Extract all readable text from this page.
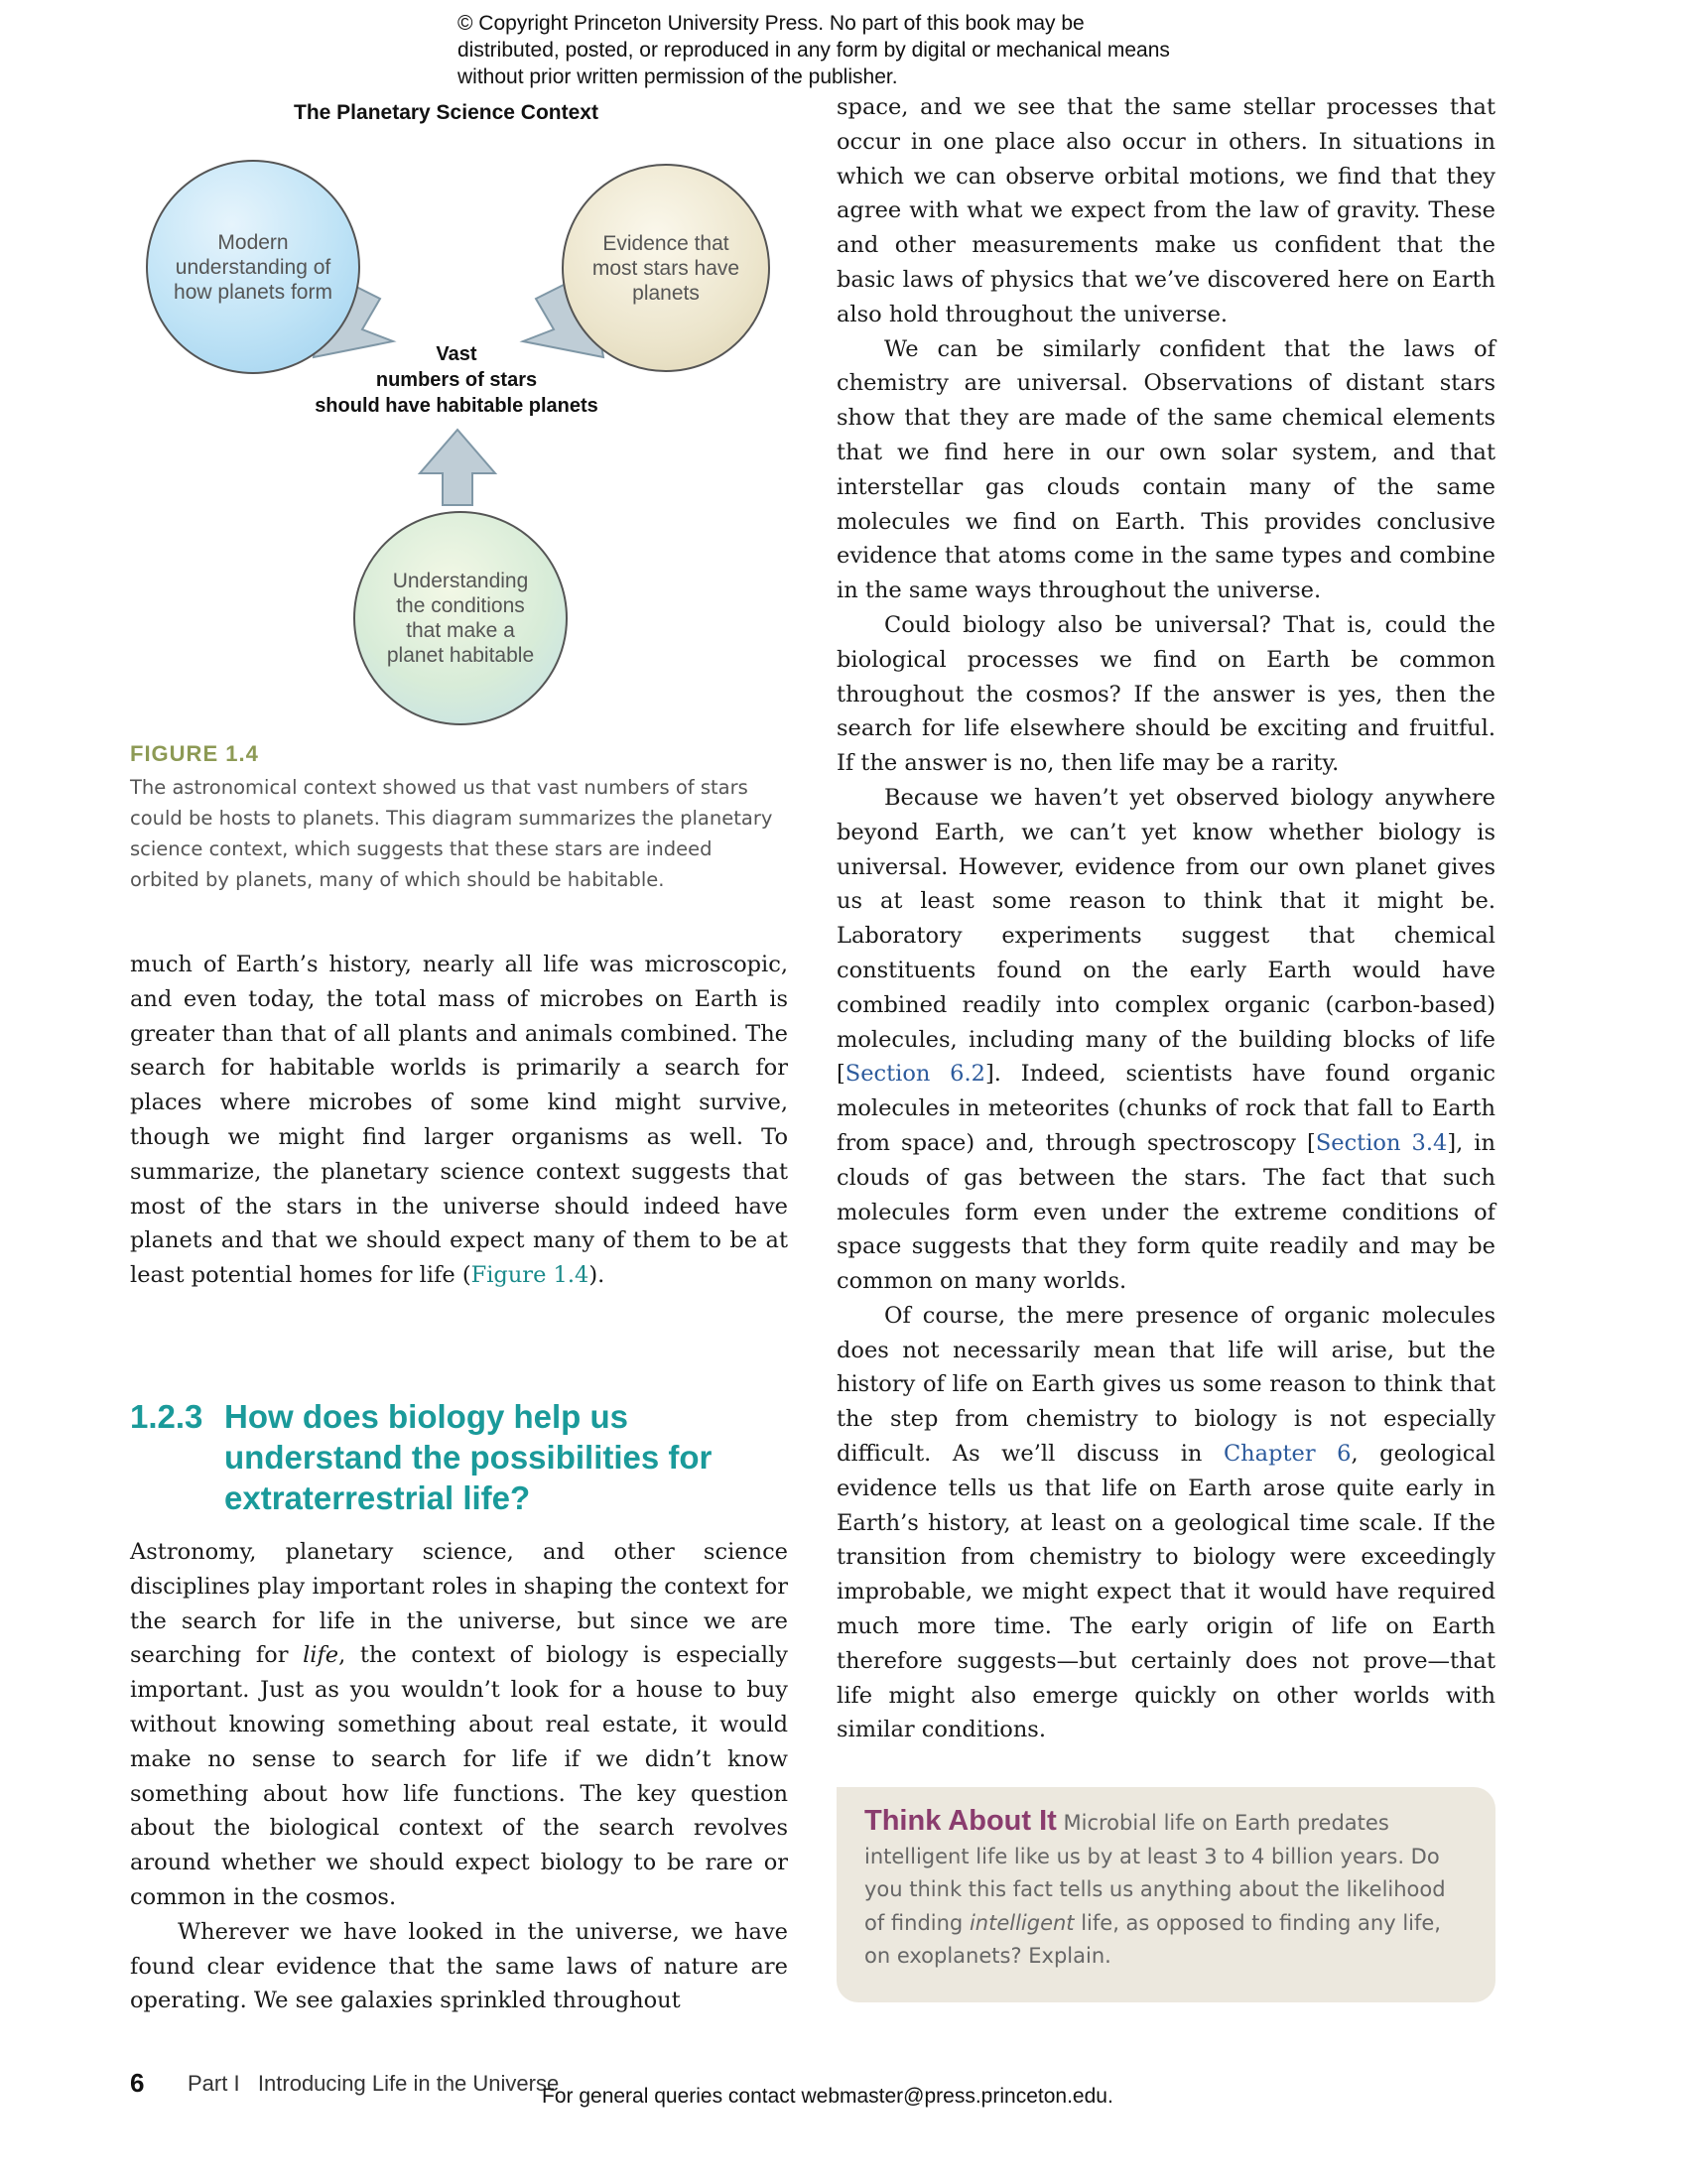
© Copyright Princeton University Press. No part of this book may be distributed, posted, or reproduced in any form by digital or mechanical means without prior written permission of the publisher.
The Planetary Science Context
Modern understanding of how planets form
Evidence that most stars have planets
Understanding the conditions that make a planet habitable
Vast
numbers of stars
should have habitable planets
FIGURE 1.4
The astronomical context showed us that vast numbers of stars could be hosts to planets. This diagram summarizes the planetary science context, which suggests that these stars are indeed orbited by planets, many of which should be habitable.

much of Earth’s history, nearly all life was microscopic, and even today, the total mass of microbes on Earth is greater than that of all plants and animals combined. The search for habitable worlds is primarily a search for places where microbes of some kind might survive, though we might find larger organisms as well. To summarize, the planetary science context suggests that most of the stars in the universe should indeed have planets and that we should expect many of them to be at least potential homes for life (Figure 1.4).

1.2.3 How does biology help us understand the possibilities for extraterrestrial life?

Astronomy, planetary science, and other science disciplines play important roles in shaping the context for the search for life in the universe, but since we are searching for life, the context of biology is especially important. Just as you wouldn’t look for a house to buy without knowing something about real estate, it would make no sense to search for life if we didn’t know something about how life functions. The key question about the biological context of the search revolves around whether we should expect biology to be rare or common in the cosmos.

Wherever we have looked in the universe, we have found clear evidence that the same laws of nature are operating. We see galaxies sprinkled throughout

space, and we see that the same stellar processes that occur in one place also occur in others. In situations in which we can observe orbital motions, we find that they agree with what we expect from the law of gravity. These and other measurements make us confident that the basic laws of physics that we’ve discovered here on Earth also hold throughout the universe.

We can be similarly confident that the laws of chemistry are universal. Observations of distant stars show that they are made of the same chemical elements that we find here in our own solar system, and that interstellar gas clouds contain many of the same molecules we find on Earth. This provides conclusive evidence that atoms come in the same types and combine in the same ways throughout the universe.

Could biology also be universal? That is, could the biological processes we find on Earth be common throughout the cosmos? If the answer is yes, then the search for life elsewhere should be exciting and fruitful. If the answer is no, then life may be a rarity.

Because we haven’t yet observed biology anywhere beyond Earth, we can’t yet know whether biology is universal. However, evidence from our own planet gives us at least some reason to think that it might be. Laboratory experiments suggest that chemical constituents found on the early Earth would have combined readily into complex organic (carbon-based) molecules, including many of the building blocks of life [Section 6.2]. Indeed, scientists have found organic molecules in meteorites (chunks of rock that fall to Earth from space) and, through spectroscopy [Section 3.4], in clouds of gas between the stars. The fact that such molecules form even under the extreme conditions of space suggests that they form quite readily and may be common on many worlds.

Of course, the mere presence of organic molecules does not necessarily mean that life will arise, but the history of life on Earth gives us some reason to think that the step from chemistry to biology is not especially difficult. As we’ll discuss in Chapter 6, geological evidence tells us that life on Earth arose quite early in Earth’s history, at least on a geological time scale. If the transition from chemistry to biology were exceedingly improbable, we might expect that it would have required much more time. The early origin of life on Earth therefore suggests—but certainly does not prove—that life might also emerge quickly on other worlds with similar conditions.

Think About It Microbial life on Earth predates intelligent life like us by at least 3 to 4 billion years. Do you think this fact tells us anything about the likelihood of finding intelligent life, as opposed to finding any life, on exoplanets? Explain.
6 Part I Introducing Life in the Universe
For general queries contact webmaster@press.princeton.edu.
